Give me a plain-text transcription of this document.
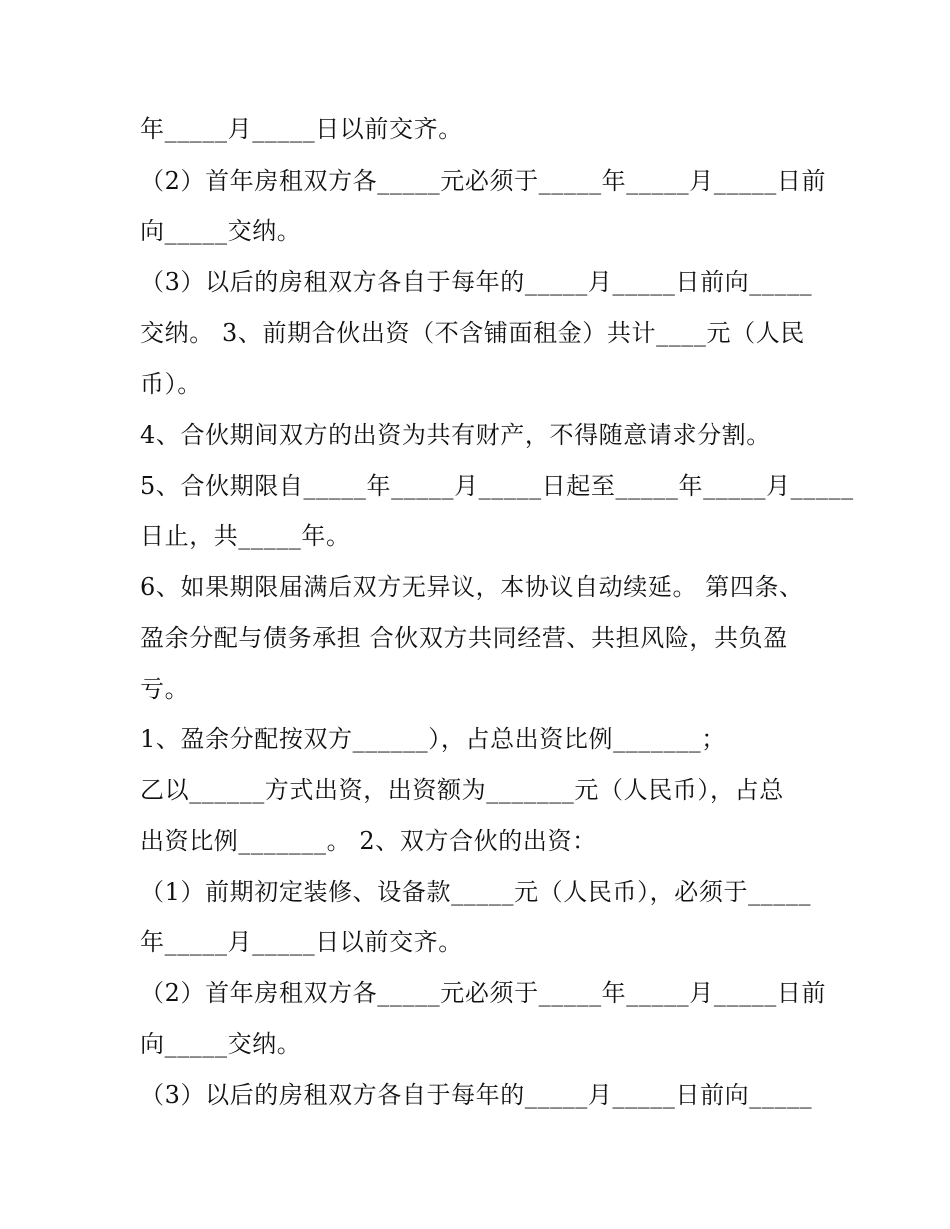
年_____月_____日以前交齐。

（2）首年房租双方各_____元必须于_____年_____月_____日前

向_____交纳。

（3）以后的房租双方各自于每年的_____月_____日前向_____

交纳。 3、前期合伙出资（不含铺面租金）共计____元（人民

币）。

4、合伙期间双方的出资为共有财产，不得随意请求分割。

5、合伙期限自_____年_____月_____日起至_____年_____月_____

日止，共_____年。

6、如果期限届满后双方无异议，本协议自动续延。 第四条、

盈余分配与债务承担 合伙双方共同经营、共担风险，共负盈

亏。

1、盈余分配按双方______），占总出资比例_______；

乙以______方式出资，出资额为_______元（人民币），占总

出资比例_______。 2、双方合伙的出资：

（1）前期初定装修、设备款_____元（人民币），必须于_____

年_____月_____日以前交齐。

（2）首年房租双方各_____元必须于_____年_____月_____日前

向_____交纳。

（3）以后的房租双方各自于每年的_____月_____日前向_____
